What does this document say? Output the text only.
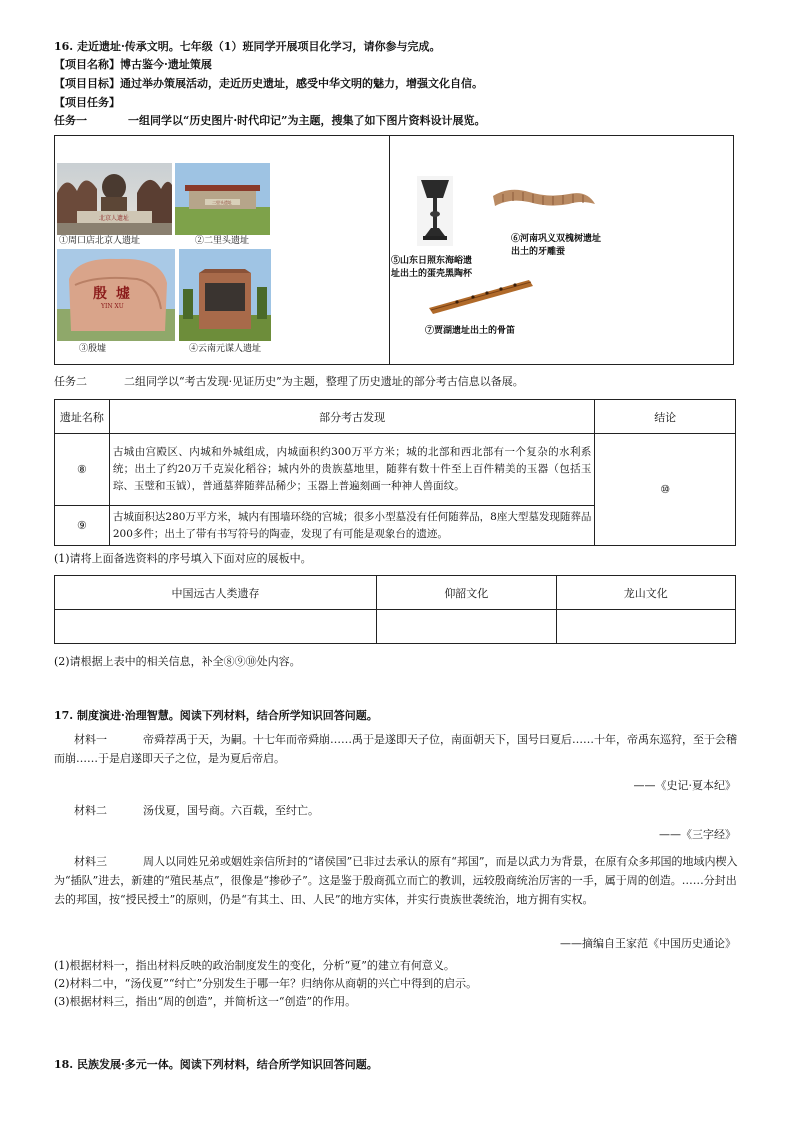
16. 走近遗址·传承文明。七年级（1）班同学开展项目化学习，请你参与完成。
【项目名称】博古鉴今·遗址策展
【项目目标】通过举办策展活动，走近历史遗址，感受中华文明的魅力，增强文化自信。
【项目任务】
任务一	一组同学以“历史图片·时代印记”为主题，搜集了如下图片资料设计展览。
北京人遗址
①周口店北京人遗址
二里头遗址
②二里头遗址
殷 墟
YIN XU
③殷墟	④云南元谋人遗址
⑤山东日照东海峪遗
址出土的蛋壳黑陶杯
⑥河南巩义双槐树遗址
出土的牙雕蚕
⑦贾湖遗址出土的骨笛
任务二	二组同学以“考古发现·见证历史”为主题，整理了历史遗址的部分考古信息以备展。
遗址名称	部分考古发现	结论
⑧	古城由宫殿区、内城和外城组成，内城面积约300万平方米；城的北部和西北部有一个复杂的水利系统；出土了约20万千克炭化稻谷；城内外的贵族墓地里，随葬有数十件至上百件精美的玉器（包括玉琮、玉璧和玉钺），普通墓葬随葬品稀少；玉器上普遍刻画一种神人兽面纹。	⑩
⑨	古城面积达280万平方米，城内有围墙环绕的宫城；很多小型墓没有任何随葬品，8座大型墓发现随葬品200多件；出土了带有书写符号的陶壶，发现了有可能是观象台的遗迹。	
(1)请将上面备选资料的序号填入下面对应的展板中。
中国远古人类遗存	仰韶文化	龙山文化

(2)请根据上表中的相关信息，补全⑧⑨⑩处内容。
17. 制度演进·治理智慧。阅读下列材料，结合所学知识回答问题。
材料一	帝舜荐禹于天，为嗣。十七年而帝舜崩……禹于是遂即天子位，南面朝天下，国号曰夏后……十年，帝禹东巡狩，至于会稽而崩……于是启遂即天子之位，是为夏后帝启。
——《史记·夏本纪》
材料二	汤伐夏，国号商。六百载，至纣亡。
——《三字经》
材料三	周人以同姓兄弟或姻姓亲信所封的“诸侯国”已非过去承认的原有“邦国”，而是以武力为背景，在原有众多邦国的地域内楔入为“插队”进去，新建的“殖民基点”，很像是“掺砂子”。这是鉴于殷商孤立而亡的教训，远较殷商统治厉害的一手，属于周的创造。……分封出去的邦国，按“授民授土”的原则，仍是“有其土、田、人民”的地方实体，并实行贵族世袭统治，地方拥有实权。
——摘编自王家范《中国历史通论》
(1)根据材料一，指出材料反映的政治制度发生的变化，分析“夏”的建立有何意义。
(2)材料二中，“汤伐夏”“纣亡”分别发生于哪一年？归纳你从商朝的兴亡中得到的启示。
(3)根据材料三，指出“周的创造”，并简析这一“创造”的作用。
18. 民族发展·多元一体。阅读下列材料，结合所学知识回答问题。
